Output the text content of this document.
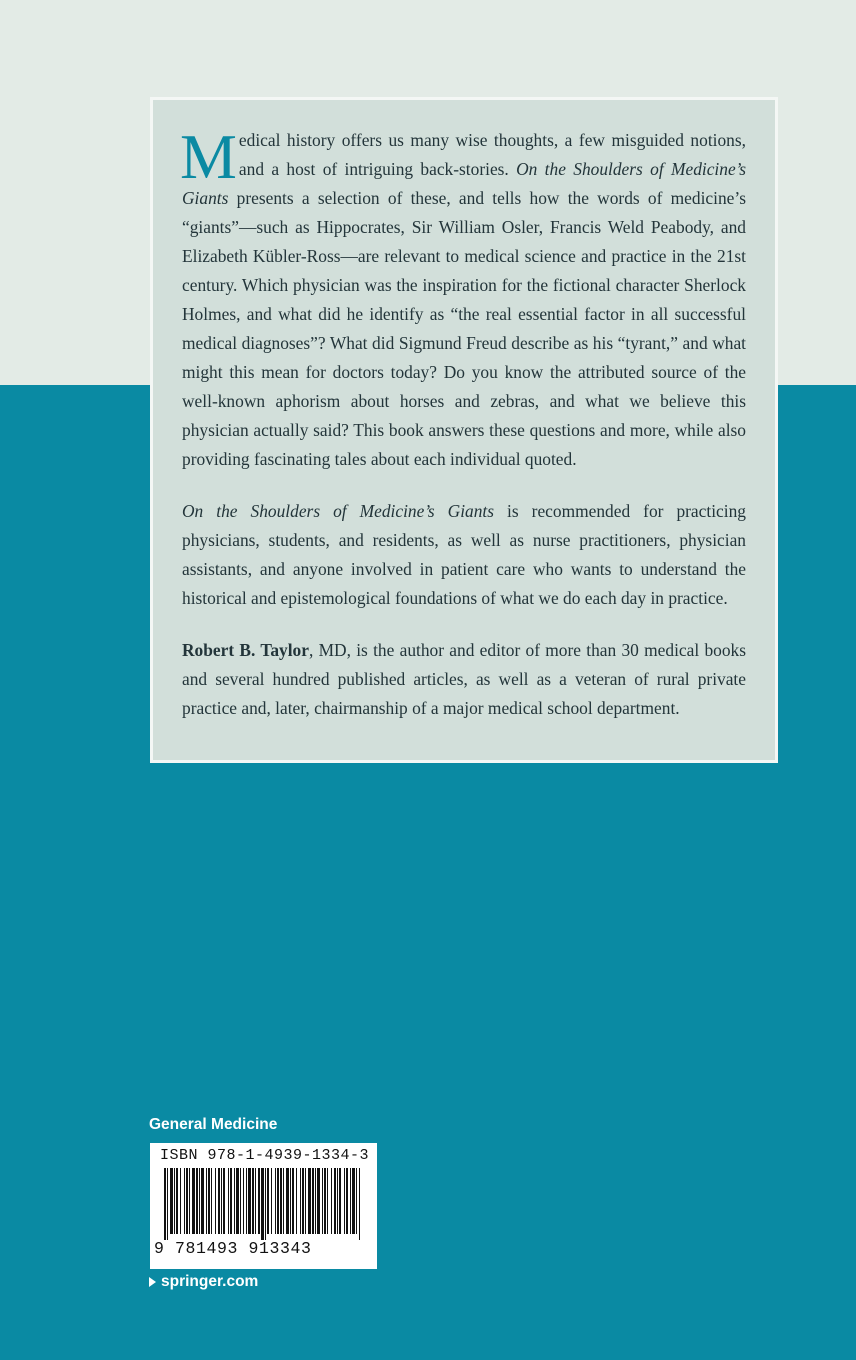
Medical history offers us many wise thoughts, a few misguided notions, and a host of intriguing back-stories. On the Shoulders of Medicine’s Giants presents a selection of these, and tells how the words of medicine’s “giants”—such as Hippocrates, Sir William Osler, Francis Weld Peabody, and Elizabeth Kübler-Ross—are relevant to medical science and practice in the 21st century. Which physician was the inspiration for the fictional character Sherlock Holmes, and what did he identify as “the real essential factor in all successful medical diagnoses”? What did Sigmund Freud describe as his “tyrant,” and what might this mean for doctors today? Do you know the attributed source of the well-known aphorism about horses and zebras, and what we believe this physician actually said? This book answers these questions and more, while also providing fascinating tales about each individual quoted.

On the Shoulders of Medicine’s Giants is recommended for practicing physicians, students, and residents, as well as nurse practitioners, physician assistants, and anyone involved in patient care who wants to understand the historical and epistemological foundations of what we do each day in practice.

Robert B. Taylor, MD, is the author and editor of more than 30 medical books and several hundred published articles, as well as a veteran of rural private practice and, later, chairmanship of a major medical school department.

General Medicine
ISBN 978-1-4939-1334-3
9 781493 913343
springer.com
